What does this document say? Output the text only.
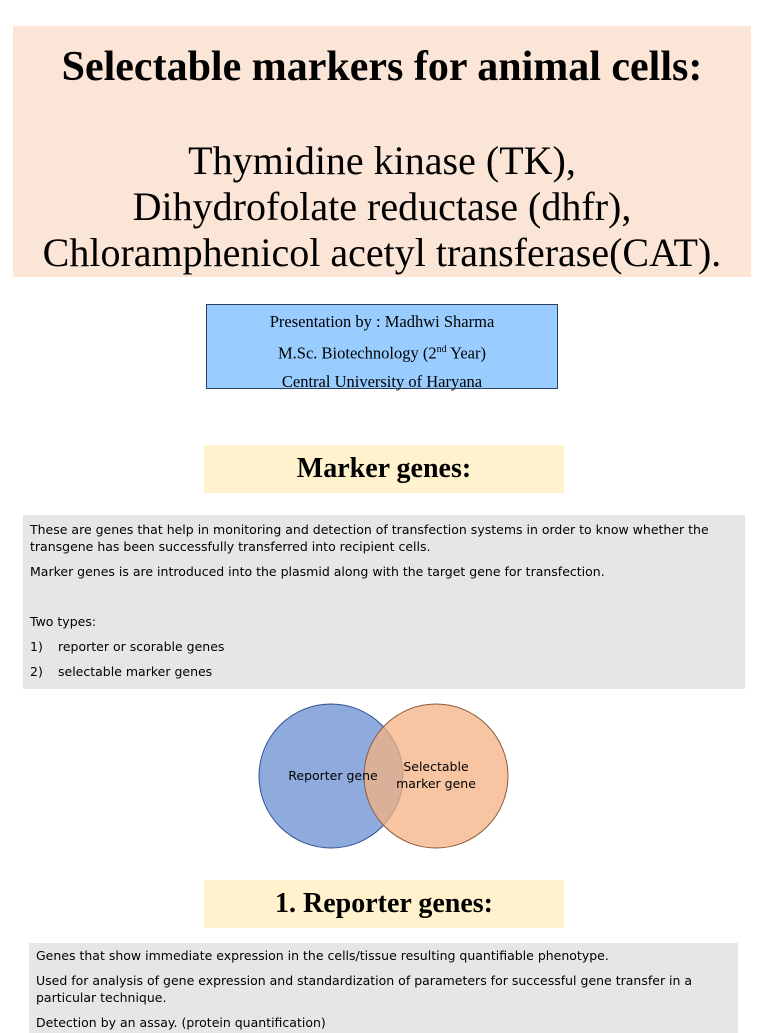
Selectable markers for animal cells:
Thymidine kinase (TK),
Dihydrofolate reductase (dhfr),
Chloramphenicol acetyl transferase(CAT).
Presentation by : Madhwi Sharma
M.Sc. Biotechnology (2nd Year)
Central University of Haryana
Marker genes:

These are genes that help in monitoring and detection of transfection systems in order to know whether the transgene has been successfully transferred into recipient cells.

Marker genes is are introduced into the plasmid along with the target gene for transfection.

Two types:

1) reporter or scorable genes

2) selectable marker genes

Reporter gene
Selectable
marker gene
1. Reporter genes:

Genes that show immediate expression in the cells/tissue resulting quantifiable phenotype.

Used for analysis of gene expression and standardization of parameters for successful gene transfer in a particular technique.

Detection by an assay. (protein quantification)
